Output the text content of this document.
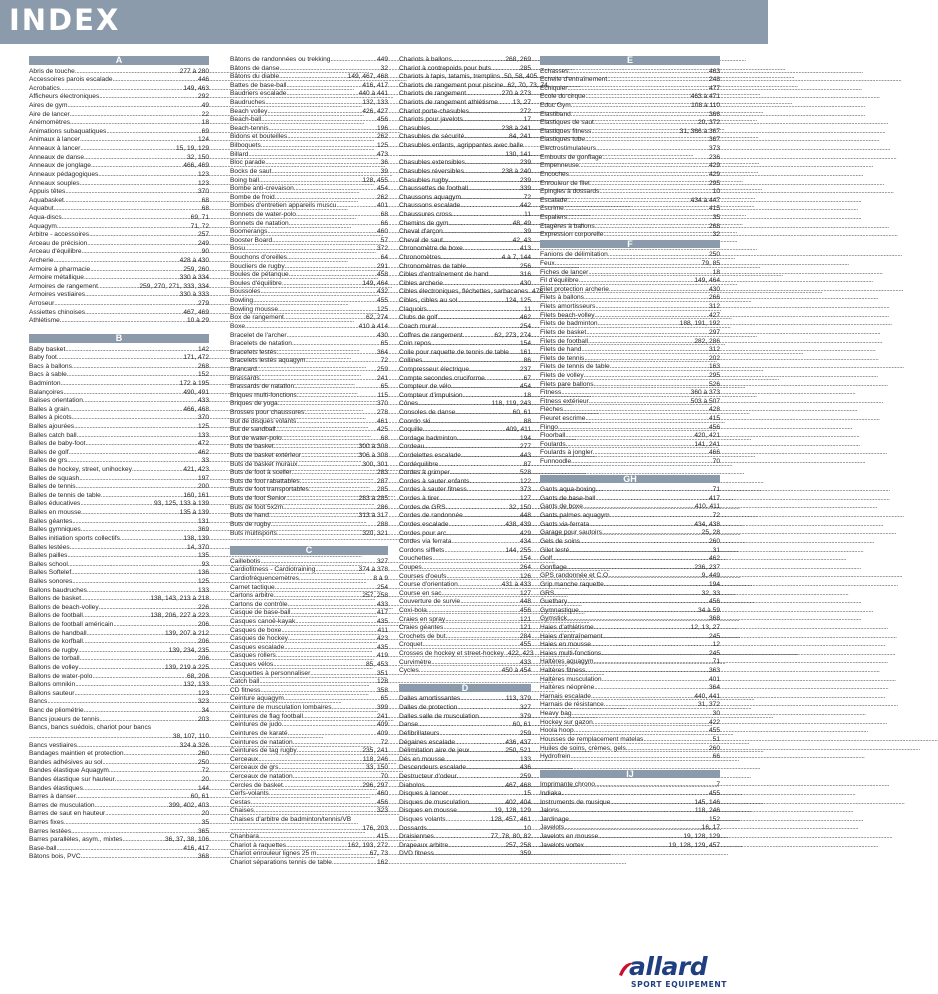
INDEX
A
Abris de touche .....	277 à 280
Accessoires parois escalade .....	446
Acrobatics .....	149, 463
Afficheurs électroniques .....	292
Aires de gym .....	49
Aire de lancer .....	22
Anémomètres .....	18
Animations subaquatiques .....	69
Animaux à lancer .....	124
Anneaux à lancer .....	15, 19, 129
Anneaux de danse .....	32, 150
Anneaux de jonglage .....	466, 469
Anneaux pédagogiques .....	123
Anneaux souples .....	123
Appuis têtes .....	370
Aquabasket .....	68
Aquabut .....	68
Aqua-discs .....	69, 71
Aquagym .....	71, 72
Arbitre - accessoires .....	257
Arceau de précision .....	249
Arceau d'équilibre .....	90
Archerie .....	428 à 430
Armoire à pharmacie .....	259, 260
Armoire métallique .....	330 à 334
Armoires de rangement .....	259, 270, 271, 333, 334
Armoires vestiaires .....	330 à 333
Arroseur .....	279
Assiettes chinoises .....	467, 469
Athlétisme .....	10 à 29
B
Baby basket .....	142
Baby foot .....	171, 472
Bacs à ballons .....	268
Bacs à sable .....	152
Badminton .....	172 à 195
Balançoires .....	490, 491
Balises orientation .....	433
Balles à grain .....	466, 468
Balles à picots .....	370
Balles ajourées .....	125
Balles catch ball .....	133
Balles de baby-foot .....	472
Balles de golf .....	462
Balles de grs .....	33
Balles de hockey, street, unihockey .....	421, 423
Balles de squash .....	197
Balles de tennis .....	200
Balles de tennis de table .....	160, 161
Balles éducatives .....	93, 125, 133 à 139
Balles en mousse .....	135 à 139
Balles géantes .....	131
Balles gymniques .....	369
Balles initiation sports collectifs .....	138, 139
Balles lestées .....	14, 370
Balles pailles .....	135
Balles school .....	93
Balles Softelef .....	136
Balles sonores .....	125
Ballons baudruches .....	133
Ballons de basket .....	138, 143, 213 à 218
Ballons de beach-volley .....	226
Ballons de football .....	138, 206, 227 à 223
Ballons de football américain .....	206
Ballons de handball .....	139, 207 à 212
Ballons de korfball .....	206
Ballons de rugby .....	139, 234, 235
Ballons de torball .....	206
Ballons de volley .....	139, 219 à 225
Ballons de water-polo .....	68, 206
Ballons omnikin .....	132, 133
Ballons sauteur .....	123
Bancs .....	323
Banc de pliométrie .....	34
Bancs joueurs de tennis .....	203
Bancs, bancs suédois, chariot pour bancs
.....
38, 107, 110
Bancs vestiaires .....	324 à 326
Bandages maintien et protection .....	260
Bandes adhésives au sol .....	250
Bandes élastique Aquagym .....	72
Bandes élastique sur hauteur .....	20
Bandes élastiques .....	144
Barres à danser .....	60, 61
Barres de musculation .....	399, 402, 403
Barres de saut en hauteur .....	20
Barres fixes .....	35
Barres lestées .....	365
Barres parallèles, asym., mixtes .....	36, 37, 38, 106
Base-ball .....	416, 417
Bâtons bois, PVC .....	368
Bâtons de randonnées ou trekking .....	449
Bâtons de danse .....	32
Bâtons du diable .....	149, 467, 468
Battes de base-ball .....	416, 417
Baudriers escalade .....	440 à 441
Baudruches .....	132, 133
Beach volley .....	426, 427
Beach-ball .....	456
Beach-tennis .....	196
Bidons et bouteilles .....	262
Bilboquets .....	125
Billard .....	473
Bloc parade .....	36
Bocks de saut .....	39
Boing ball .....	128, 455
Bombe anti-crevaison .....	454
Bombe de froid .....	262
Bombes d'entretien appareils muscu .....	401
Bonnets de water-polo .....	68
Bonnets de natation .....	66
Boomerangs .....	460
Booster Board .....	57
Bosu .....	372
Bouchons d'oreilles .....	64
Boucliers de rugby .....	291
Boules de pétanque .....	458
Boules d'équilibre .....	149, 464
Boussoles .....	432
Bowling .....	455
Bowling mousse .....	125
Box de rangement .....	62, 274
Boxe .....	410 à 414
Bracelet de l'archer .....	430
Bracelets de natation .....	65
Bracelets lestés .....	364
Bracelets lestés aquagym .....	72
Brancard .....	259
Brassards .....	241
Brassards de natation .....	65
Briques multi-fonctions .....	115
Briques de yoga .....	370
Brosses pour chaussures .....	278
But de disques volants .....	461
But de sandball .....	425
But de water-polo .....	68
Buts de basket .....	300 à 308
Buts de basket extérieur .....	306 à 308
Buts de basket muraux .....	300, 301
Buts de foot à sceller .....	283
Buts de foot rabattables .....	287
Buts de foot transportables .....	285
Buts de foot Senior .....	283 à 285
Buts de foot 5x2m .....	286
Buts de hand .....	313 à 317
Buts de rugby .....	288
Buts multisports .....	320, 321
C
Caillebotis .....	327
Cardiofitness - Cardiotraining .....	374 à 378
Cardiofréquencemètres .....	8 à 9
Carnet tactique .....	254
Cartons arbitre .....	257, 258
Cartons de contrôle .....	433
Casque de base-ball .....	417
Casques canoë-kayak .....	435
Casques de boxe .....	411
Casques de hockey .....	423
Casques escalade .....	435
Casques rollers .....	419
Casques vélos .....	85, 453
Casquettes à personnaliser .....	351
Catch ball .....	128
CD fitness .....	358
Ceinture aquagym .....	65
Ceinture de musculation lombaires .....	399
Ceintures de flag football .....	241
Ceintures de judo .....	409
Ceintures de karaté .....	409
Ceintures de natation .....	72
Ceintures de tag rugby .....	235, 241
Cerceaux .....	118, 246
Cerceaux de grs .....	33, 150
Cerceaux de natation .....	70
Cercles de basket .....	296, 297
Cerfs-volants .....	460
Cestas .....	456
Chaises .....	323
Chaises d'arbitre de badminton/tennis/VB
.....
176, 203
Chanbara .....	415
Chariot à raquettes .....	162, 193, 272
Chariot enrouleur lignes 25 m .....	67, 73
Chariot séparations tennis de table .....	162
Chariots à ballons .....	268, 269
Chariot à contrepoids pour buts .....	285
Chariots à tapis, tatamis, tremplins ..... 50, 58, 405
Chariots de rangement pour piscine ..... 62, 70, 73, 74
Chariots de rangement .....	270 à 273
Chariots de rangement athlétisme ..... 13, 27
Chariot porte-chasubles .....	272
Chariots pour javelots .....	17
Chasubles .....	238 à 241
Chasubles de sécurité .....	84, 241
Chasubles enfants, agrippantes avec balle
.....
130, 141
Chasubles extensibles .....	239
Chasubles réversibles .....	238 à 240
Chasubles rugby .....	239
Chaussettes de football .....	339
Chaussons aquagym .....	72
Chaussons escalade .....	442
Chaussures cross .....	11
Chemins de gym .....	48, 49
Cheval d'arçon .....	39
Cheval de saut .....	42, 43
Chronomètre de boxe .....	413
Chronomètres .....	4 à 7, 144
Chronomètres de table .....	256
Cibles d'entraînement de hand .....	316
Cibles archerie .....	430
Cibles électroniques, fléchettes, sarbacanes ..... 478
Cibles, cibles au sol .....	124, 125
Claquoirs .....	11
Clubs de golf .....	462
Coach mural .....	254
Coffres de rangement .....	62, 273, 274
Coin repos .....	154
Colle pour raquette de tennis de table ..... 161
Collines .....	86
Compresseur électrique .....	237
Compte secondes cruciforme .....	67
Compteur de vélo .....	454
Compteur d'impulsion .....	18
Cônes .....	118, 119, 243
Consoles de danse .....	60, 61
Coordo ski .....	88
Coquille .....	409, 411
Cordage badminton .....	194
Cordeau .....	277
Cordelettes escalade .....	443
Cordéquilibre .....	87
Cordes à grimper .....	528
Cordes à sauter enfants .....	122
Cordes à sauter fitness .....	373
Cordes à tirer .....	127
Cordes de GRS .....	32, 150
Cordes de randonnée .....	448
Cordes escalade .....	438, 439
Cordes pour arc .....	429
Cordes via ferrata .....	434
Cordons sifflets .....	144, 255
Couchettes .....	154
Coupes .....	264
Courses d'oeufs .....	126
Course d'orientation .....	431 à 433
Course en sac .....	127
Couverture de survie .....	448
Coxi-bola .....	456
Craies en spray .....	121
Craies géantes .....	121
Crochets de but .....	284
Croquet .....	455
Crosses de hockey et street-hockey ..... 422, 423
Curvimètre .....	433
Cycles .....	450 à 454
D
Dalles amortissantes .....	113, 379
Dalles de protection .....	327
Dalles salle de musculation .....	379
Danse .....	60, 61
Défibrillateurs .....	259
Dégaines escalade .....	436, 437
Délimitation aire de jeux .....	250, 521
Dés en mousse .....	133
Descendeurs escalade .....	436
Destructeur d'odeur .....	259
Diabolos .....	467, 468
Disques à lancer .....	15
Disques de musculation .....	402, 404
Disques en mousse .....	19, 128, 129
Disques volants .....	128, 457, 461
Dossards .....	10
Draisiennes .....	77, 78, 80, 82
Drapeaux arbitre .....	257, 258
DVD fitness .....	359
E
Echasses .....	463
Echelle d'entraînement .....	248
Echiquier .....	477
Ecole du cirque .....	463 à 471
Educ Gym .....	108 à 110
Elastiband .....	366
Elastiques de saut .....	20, 372
Elastiques fitness .....	31, 366 à 367
Elastiques tube .....	367
Electrostimulateurs .....	373
Embouts de gonflage .....	236
Empenneuse .....	429
Encoches .....	429
Enrouleur de filet .....	295
Epingles à dossards .....	10
Escalade .....	434 à 447
Escrime .....	415
Espaliers .....	35
Etagères à ballons .....	268
Expression corporelle .....	32
F
Fanions de délimitation .....	250
Feux .....	79, 85
Fiches de lancer .....	18
Fil d'équilibre .....	149, 464
Filet protection archerie .....	430
Filets à ballons .....	266
Filets amortisseurs .....	312
Filets beach-volley .....	427
Filets de badminton .....	188, 191, 192
Filets de basket .....	297
Filets de football .....	282, 286
Filets de hand .....	312
Filets de tennis .....	202
Filets de tennis de table .....	163
Filets de volley .....	295
Filets pare ballons .....	526
Fitness .....	360 à 373
Fitness extérieur .....	503 à 507
Flèches .....	428
Fleuret escrime .....	415
Flingo .....	456
Floorball .....	420, 421
Foulards .....	141, 241
Foulards à jongler .....	466
Funnoodle .....	70
GH
Gants aqua-boxing .....	71
Gants de base-ball .....	417
Gants de boxe .....	410, 411
Gants palmes aquagym .....	72
Gants via-ferrata .....	434, 438
Garage pour sautoirs .....	25, 28
Gels de soins .....	260
Gilet lesté .....	31
Golf .....	462
Gonflage .....	236, 237
GPS randonnée et C.O .....	9, 449
Grip manche raquette .....	194
GRS .....	32, 33
Guethary .....	456
Gymnastique .....	34 à 59
Gymstick .....	368
Haies d'athlétisme .....	12, 13, 27
Haies d'entraînement .....	245
Haies en mousse .....	12
Haies multi-fonctions .....	245
Haltères aquagym .....	71
Haltères fitness .....	363
Haltères musculation .....	401
Haltères néoprène .....	364
Harnais escalade .....	440, 441
Harnais de résistance .....	31, 372
Heavy bag .....	30
Hockey sur gazon .....	422
Hoola hoop .....	455
Housses de remplacement matelas .....	51
Huiles de soins, crèmes, gels .....	260
Hydrofrein .....	66
IJ
Imprimante chrono .....	7
Indiaka .....	455
Instruments de musique .....	145, 146
Jalons .....	118, 246
Jardinage .....	152
Javelots .....	16, 17
Javelots en mousse .....	19, 128, 129
Javelots vortex .....	19, 128, 129, 457
allard
SPORT EQUIPEMENT
